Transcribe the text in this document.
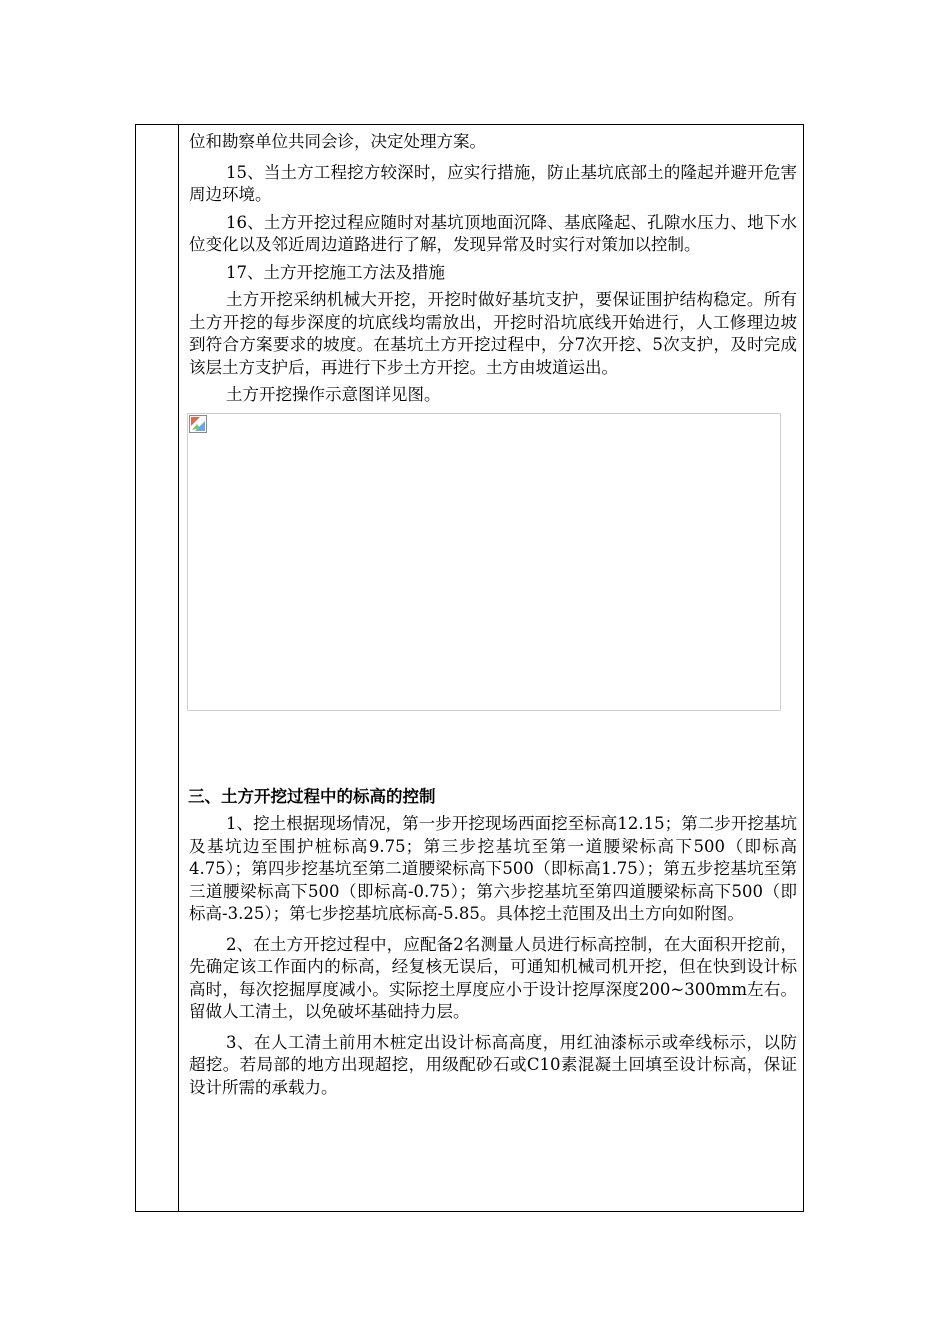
位和勘察单位共同会诊，决定处理方案。

15、当土方工程挖方较深时，应实行措施，防止基坑底部土的隆起并避开危害周边环境。

16、土方开挖过程应随时对基坑顶地面沉降、基底隆起、孔隙水压力、地下水位变化以及邻近周边道路进行了解，发现异常及时实行对策加以控制。

17、土方开挖施工方法及措施

土方开挖采纳机械大开挖，开挖时做好基坑支护，要保证围护结构稳定。所有土方开挖的每步深度的坑底线均需放出，开挖时沿坑底线开始进行，人工修理边坡到符合方案要求的坡度。在基坑土方开挖过程中，分7次开挖、5次支护，及时完成该层土方支护后，再进行下步土方开挖。土方由坡道运出。

土方开挖操作示意图详见图。

三、土方开挖过程中的标高的控制

1、挖土根据现场情况，第一步开挖现场西面挖至标高12.15；第二步开挖基坑及基坑边至围护桩标高9.75；第三步挖基坑至第一道腰梁标高下500（即标高4.75）；第四步挖基坑至第二道腰梁标高下500（即标高1.75）；第五步挖基坑至第三道腰梁标高下500（即标高-0.75）；第六步挖基坑至第四道腰梁标高下500（即标高-3.25）；第七步挖基坑底标高-5.85。具体挖土范围及出土方向如附图。

2、在土方开挖过程中，应配备2名测量人员进行标高控制，在大面积开挖前，先确定该工作面内的标高，经复核无误后，可通知机械司机开挖，但在快到设计标高时，每次挖掘厚度减小。实际挖土厚度应小于设计挖厚深度200~300mm左右。留做人工清土，以免破坏基础持力层。

3、在人工清土前用木桩定出设计标高高度，用红油漆标示或牵线标示，以防超挖。若局部的地方出现超挖，用级配砂石或C10素混凝土回填至设计标高，保证设计所需的承载力。
